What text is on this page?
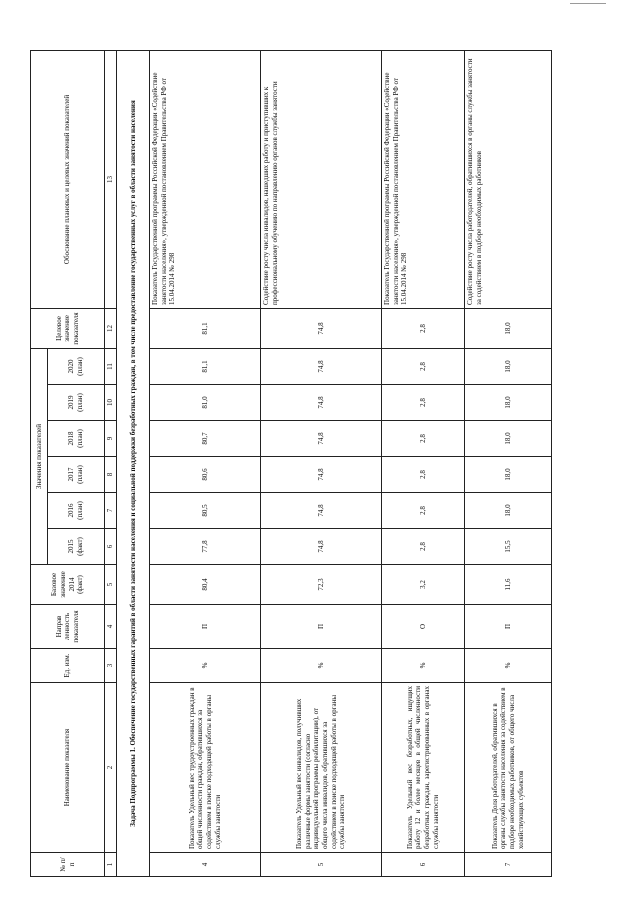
№ п/п	Наименование показателя	Ед. изм.	Направ ленность показателя	Базовое значение 2014 (факт)	Значения показателей						Целевое значение показателя	Обоснование плановых и целевых значений показателей
					2015 (факт)	2016 (план)	2017 (план)	2018 (план)	2019 (план)	2020 (план)		
1	2	3	4	5	6	7	8	9	10	11	12	13
Задача Подпрограммы 1. Обеспечение государственных гарантий в области занятости населения и социальной поддержки безработных граждан, в том числе предоставление государственных услуг в области занятости населения												
4	Показатель Удельный вес трудоустроенных граждан в общей численности граждан, обратившихся за содействием в поиске подходящей работы в органы службы занятости	%	П	80,4	77,8	80,5	80,6	80,7	81,0	81,1	81,1	Показатель Государственной программы Российской Федерации «Содействие занятости населения», утвержденной постановлением Правительства РФ от 15.04.2014 № 298
5	Показатель Удельный вес инвалидов, получивших различные формы занятости (согласно индивидуальной программы реабилитации), от общего числа инвалидов, обратившихся за содействием в поиске подходящей работы в органы службы занятости	%	П	72,3	74,8	74,8	74,8	74,8	74,8	74,8	74,8	Содействие росту числа инвалидов, нашедших работу и приступивших к профессиональному обучению по направлению органов службы занятости
6	Показатель Удельный вес безработных, ищущих работу 12 и более месяцев в общей численности безработных граждан, зарегистрированных в органах службы занятости	%	О	3,2	2,8	2,8	2,8	2,8	2,8	2,8	2,8	Показатель Государственной программы Российской Федерации «Содействие занятости населения», утвержденной постановлением Правительства РФ от 15.04.2014 № 298
7	Показатель Доля работодателей, обратившихся в органы службы занятости населения за содействием в подборе необходимых работников, от общего числа хозяйствующих субъектов	%	П	11,6	15,5	18,0	18,0	18,0	18,0	18,0	18,0	Содействие росту числа работодателей, обратившихся в органы службы занятости за содействием в подборе необходимых работников
